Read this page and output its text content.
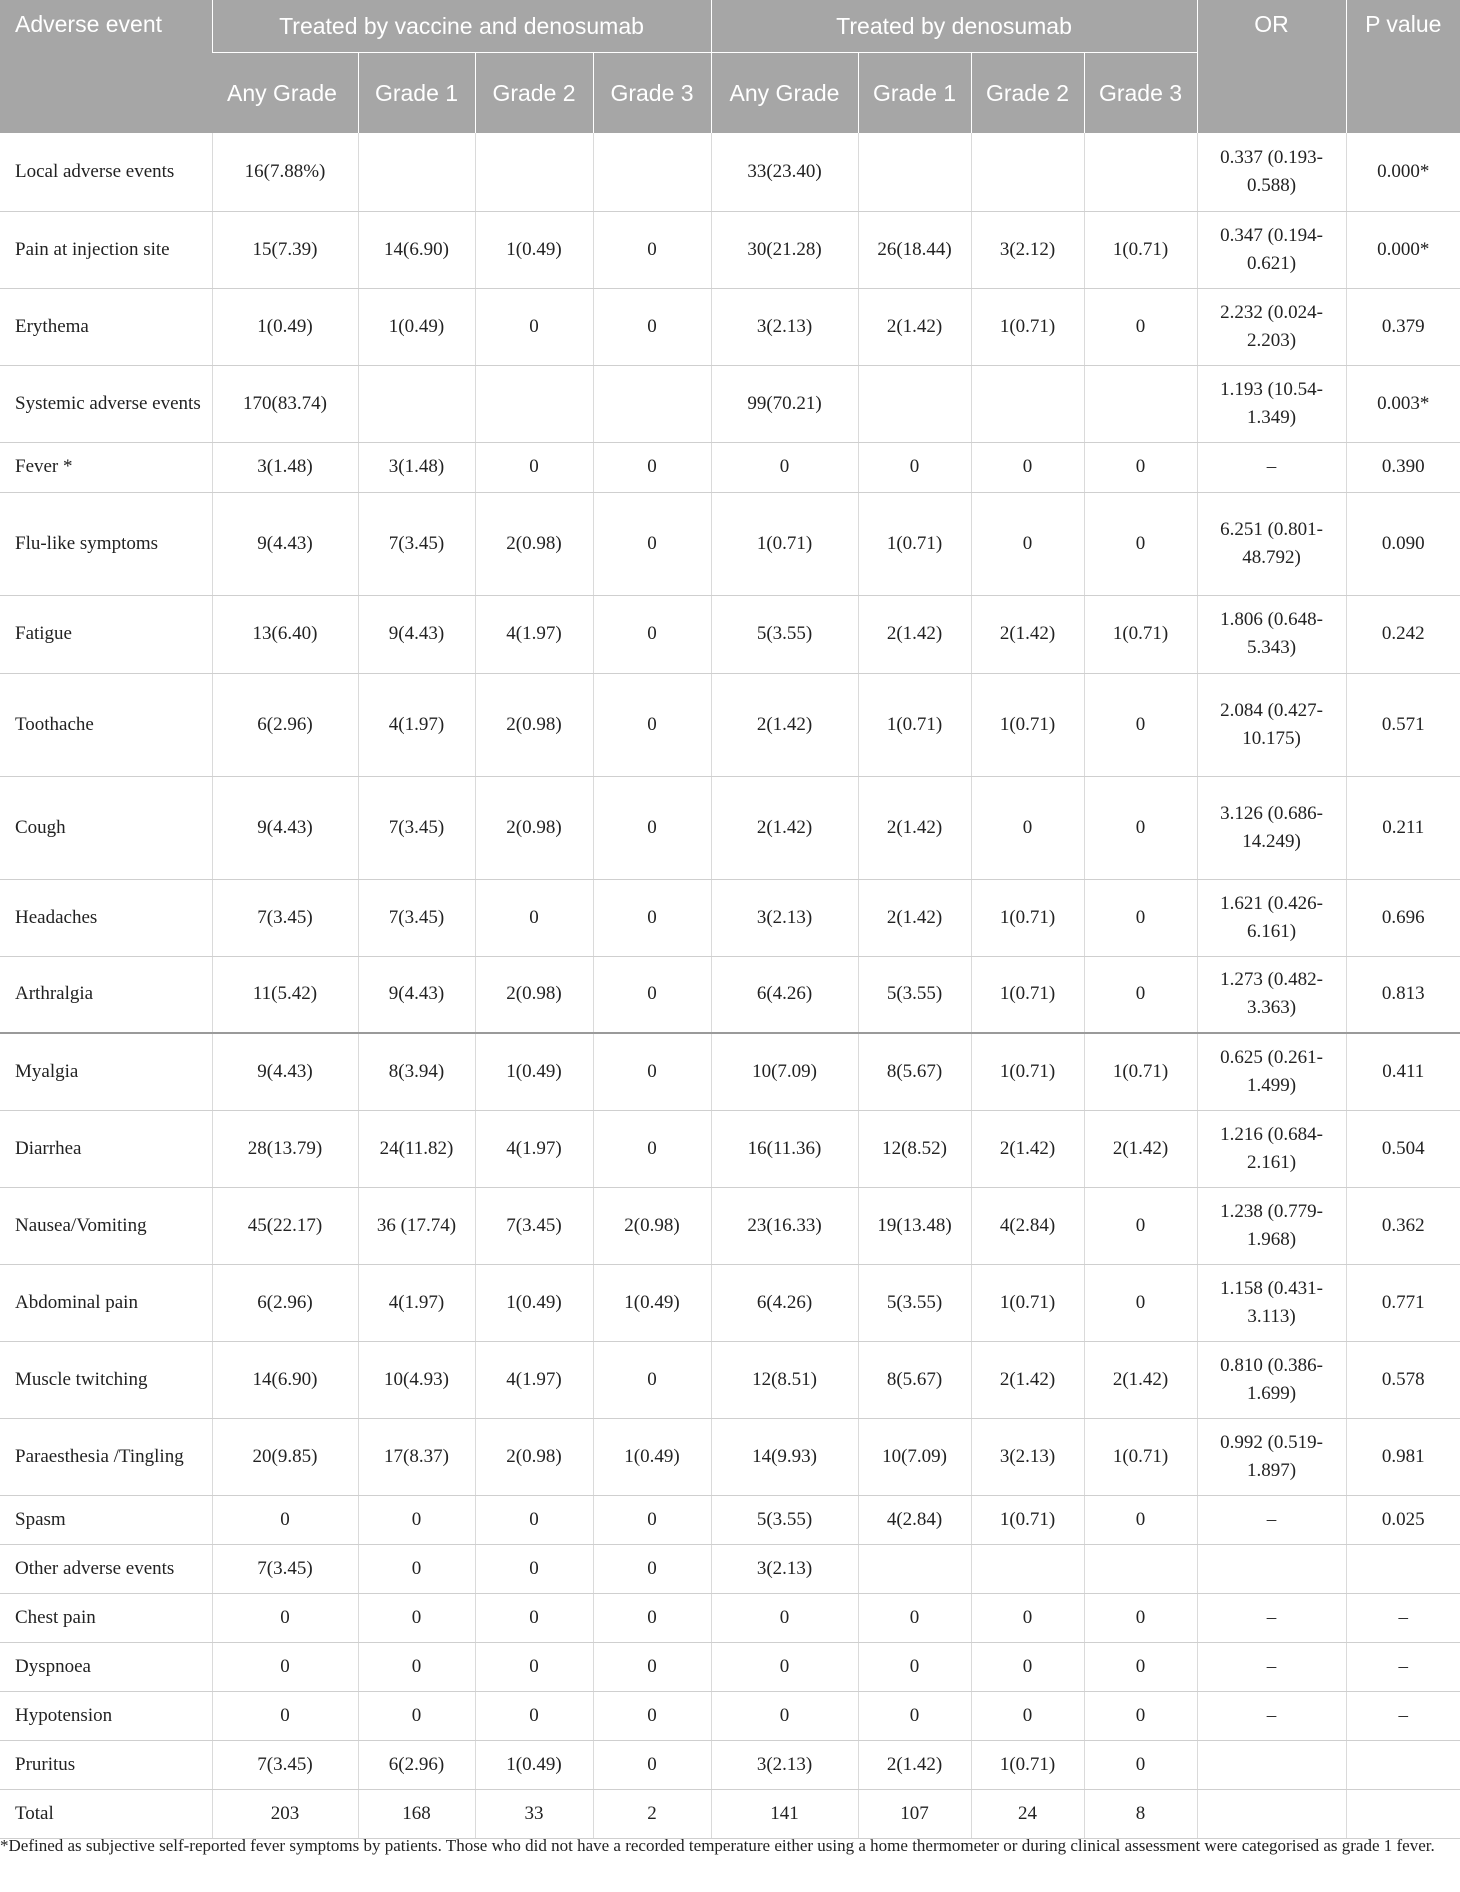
Adverse event	Treated by vaccine and denosumab				Treated by denosumab				OR	P value
	Any Grade	Grade 1	Grade 2	Grade 3	Any Grade	Grade 1	Grade 2	Grade 3		
Local adverse events	16(7.88%)				33(23.40)				0.337 (0.193-0.588)	0.000*
Pain at injection site	15(7.39)	14(6.90)	1(0.49)	0	30(21.28)	26(18.44)	3(2.12)	1(0.71)	0.347 (0.194-0.621)	0.000*
Erythema	1(0.49)	1(0.49)	0	0	3(2.13)	2(1.42)	1(0.71)	0	2.232 (0.024-2.203)	0.379
Systemic adverse events	170(83.74)				99(70.21)				1.193 (10.54-1.349)	0.003*
Fever *	3(1.48)	3(1.48)	0	0	0	0	0	0	–	0.390
Flu-like symptoms	9(4.43)	7(3.45)	2(0.98)	0	1(0.71)	1(0.71)	0	0	6.251 (0.801-48.792)	0.090
Fatigue	13(6.40)	9(4.43)	4(1.97)	0	5(3.55)	2(1.42)	2(1.42)	1(0.71)	1.806 (0.648-5.343)	0.242
Toothache	6(2.96)	4(1.97)	2(0.98)	0	2(1.42)	1(0.71)	1(0.71)	0	2.084 (0.427-10.175)	0.571
Cough	9(4.43)	7(3.45)	2(0.98)	0	2(1.42)	2(1.42)	0	0	3.126 (0.686-14.249)	0.211
Headaches	7(3.45)	7(3.45)	0	0	3(2.13)	2(1.42)	1(0.71)	0	1.621 (0.426-6.161)	0.696
Arthralgia	11(5.42)	9(4.43)	2(0.98)	0	6(4.26)	5(3.55)	1(0.71)	0	1.273 (0.482-3.363)	0.813
Myalgia	9(4.43)	8(3.94)	1(0.49)	0	10(7.09)	8(5.67)	1(0.71)	1(0.71)	0.625 (0.261-1.499)	0.411
Diarrhea	28(13.79)	24(11.82)	4(1.97)	0	16(11.36)	12(8.52)	2(1.42)	2(1.42)	1.216 (0.684-2.161)	0.504
Nausea/Vomiting	45(22.17)	36 (17.74)	7(3.45)	2(0.98)	23(16.33)	19(13.48)	4(2.84)	0	1.238 (0.779-1.968)	0.362
Abdominal pain	6(2.96)	4(1.97)	1(0.49)	1(0.49)	6(4.26)	5(3.55)	1(0.71)	0	1.158 (0.431-3.113)	0.771
Muscle twitching	14(6.90)	10(4.93)	4(1.97)	0	12(8.51)	8(5.67)	2(1.42)	2(1.42)	0.810 (0.386-1.699)	0.578
Paraesthesia /Tingling	20(9.85)	17(8.37)	2(0.98)	1(0.49)	14(9.93)	10(7.09)	3(2.13)	1(0.71)	0.992 (0.519-1.897)	0.981
Spasm	0	0	0	0	5(3.55)	4(2.84)	1(0.71)	0	–	0.025
Other adverse events	7(3.45)	0	0	0	3(2.13)					
Chest pain	0	0	0	0	0	0	0	0	–	–
Dyspnoea	0	0	0	0	0	0	0	0	–	–
Hypotension	0	0	0	0	0	0	0	0	–	–
Pruritus	7(3.45)	6(2.96)	1(0.49)	0	3(2.13)	2(1.42)	1(0.71)	0		
Total	203	168	33	2	141	107	24	8		
*Defined as subjective self-reported fever symptoms by patients. Those who did not have a recorded temperature either using a home thermometer or during clinical assessment were categorised as grade 1 fever.
